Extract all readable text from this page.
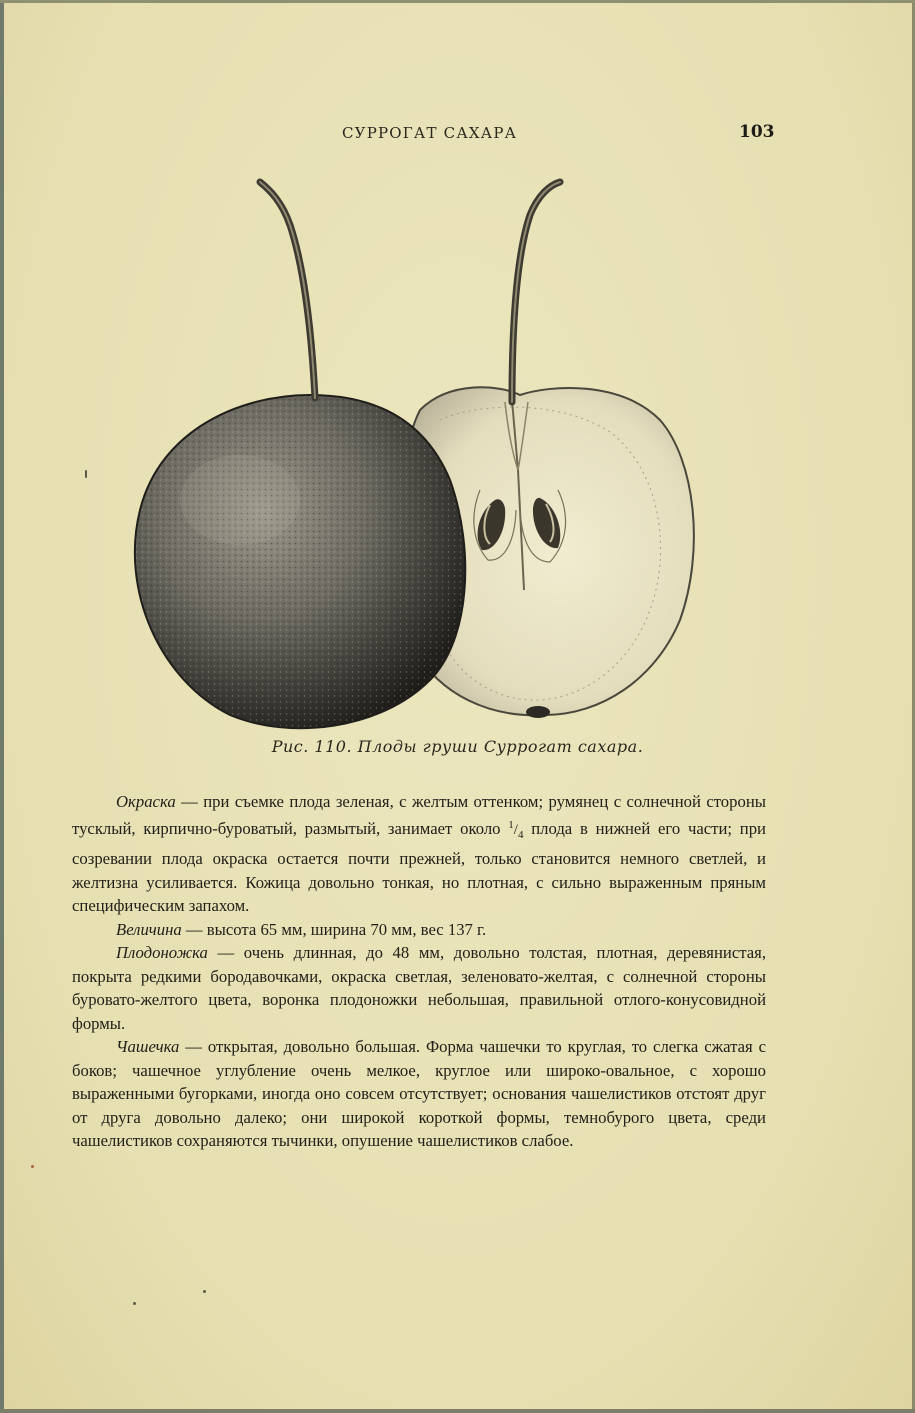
СУРРОГАТ САХАРА	103
Рис. 110. Плоды груши Суррогат сахара.

Окраска — при съемке плода зеленая, с желтым оттенком; румянец с солнечной стороны тусклый, кирпично-буроватый, размытый, занимает около $^1/_4$ плода в нижней его части; при созревании плода окраска остается почти прежней, только становится немного светлей, и желтизна усиливается. Кожица довольно тонкая, но плотная, с сильно выраженным пряным специфическим запахом.

Величина — высота 65 мм, ширина 70 мм, вес 137 г.

Плодоножка — очень длинная, до 48 мм, довольно толстая, плотная, деревянистая, покрыта редкими бородавочками, окраска светлая, зеленовато-желтая, с солнечной стороны буровато-желтого цвета, воронка плодоножки небольшая, правильной отлого-конусовидной формы.

Чашечка — открытая, довольно большая. Форма чашечки то круглая, то слегка сжатая с боков; чашечное углубление очень мелкое, круглое или широко-овальное, с хорошо выраженными бугорками, иногда оно совсем отсутствует; основания чашелистиков отстоят друг от друга довольно далеко; они широкой короткой формы, темнобурого цвета, среди чашелистиков сохраняются тычинки, опушение чашелистиков слабое.
